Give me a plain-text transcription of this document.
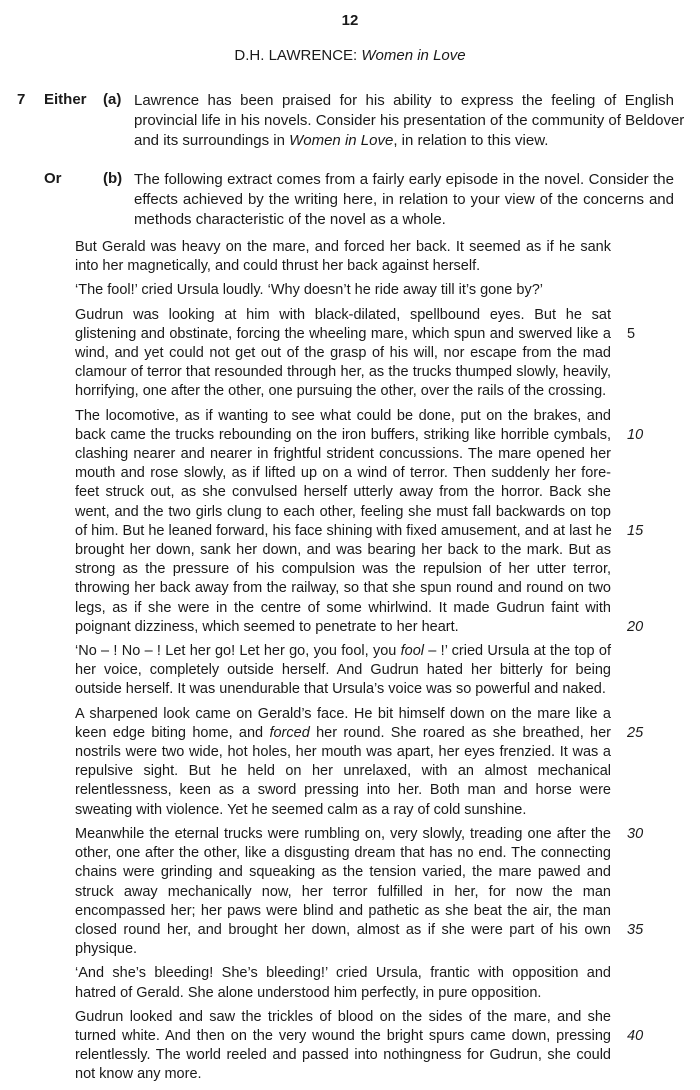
12
D.H. LAWRENCE: Women in Love
7 Either (a) Lawrence has been praised for his ability to express the feeling of English
provincial life in his novels. Consider his presentation of the community of Beldover
and its surroundings in Women in Love, in relation to this view.
Or	(b) The following extract comes from a fairly early episode in the novel. Consider the
effects achieved by the writing here, in relation to your view of the concerns and
methods characteristic of the novel as a whole.
But Gerald was heavy on the mare, and forced her back. It seemed as if he sank
into her magnetically, and could thrust her back against herself.
‘The fool!’ cried Ursula loudly. ‘Why doesn’t he ride away till it’s gone by?’
Gudrun was looking at him with black-dilated, spellbound eyes. But he sat
glistening and obstinate, forcing the wheeling mare, which spun and swerved like a 5
wind, and yet could not get out of the grasp of his will, nor escape from the mad
clamour of terror that resounded through her, as the trucks thumped slowly, heavily,
horrifying, one after the other, one pursuing the other, over the rails of the crossing.
The locomotive, as if wanting to see what could be done, put on the brakes, and
back came the trucks rebounding on the iron buffers, striking like horrible cymbals, 10
clashing nearer and nearer in frightful strident concussions. The mare opened her
mouth and rose slowly, as if lifted up on a wind of terror. Then suddenly her fore-
feet struck out, as she convulsed herself utterly away from the horror. Back she
went, and the two girls clung to each other, feeling she must fall backwards on top
of him. But he leaned forward, his face shining with fixed amusement, and at last he 15
brought her down, sank her down, and was bearing her back to the mark. But as
strong as the pressure of his compulsion was the repulsion of her utter terror,
throwing her back away from the railway, so that she spun round and round on two
legs, as if she were in the centre of some whirlwind. It made Gudrun faint with
poignant dizziness, which seemed to penetrate to her heart.	20
‘No – ! No – ! Let her go! Let her go, you fool, you fool – !’ cried Ursula at the top of
her voice, completely outside herself. And Gudrun hated her bitterly for being
outside herself. It was unendurable that Ursula’s voice was so powerful and naked.
A sharpened look came on Gerald’s face. He bit himself down on the mare like a
keen edge biting home, and forced her round. She roared as she breathed, her 25
nostrils were two wide, hot holes, her mouth was apart, her eyes frenzied. It was a
repulsive sight. But he held on her unrelaxed, with an almost mechanical
relentlessness, keen as a sword pressing into her. Both man and horse were
sweating with violence. Yet he seemed calm as a ray of cold sunshine.
Meanwhile the eternal trucks were rumbling on, very slowly, treading one after the 30
other, one after the other, like a disgusting dream that has no end. The connecting
chains were grinding and squeaking as the tension varied, the mare pawed and
struck away mechanically now, her terror fulfilled in her, for now the man
encompassed her; her paws were blind and pathetic as she beat the air, the man
closed round her, and brought her down, almost as if she were part of his own 35
physique.
‘And she’s bleeding! She’s bleeding!’ cried Ursula, frantic with opposition and
hatred of Gerald. She alone understood him perfectly, in pure opposition.
Gudrun looked and saw the trickles of blood on the sides of the mare, and she
turned white. And then on the very wound the bright spurs came down, pressing 40
relentlessly. The world reeled and passed into nothingness for Gudrun, she could
not know any more.
